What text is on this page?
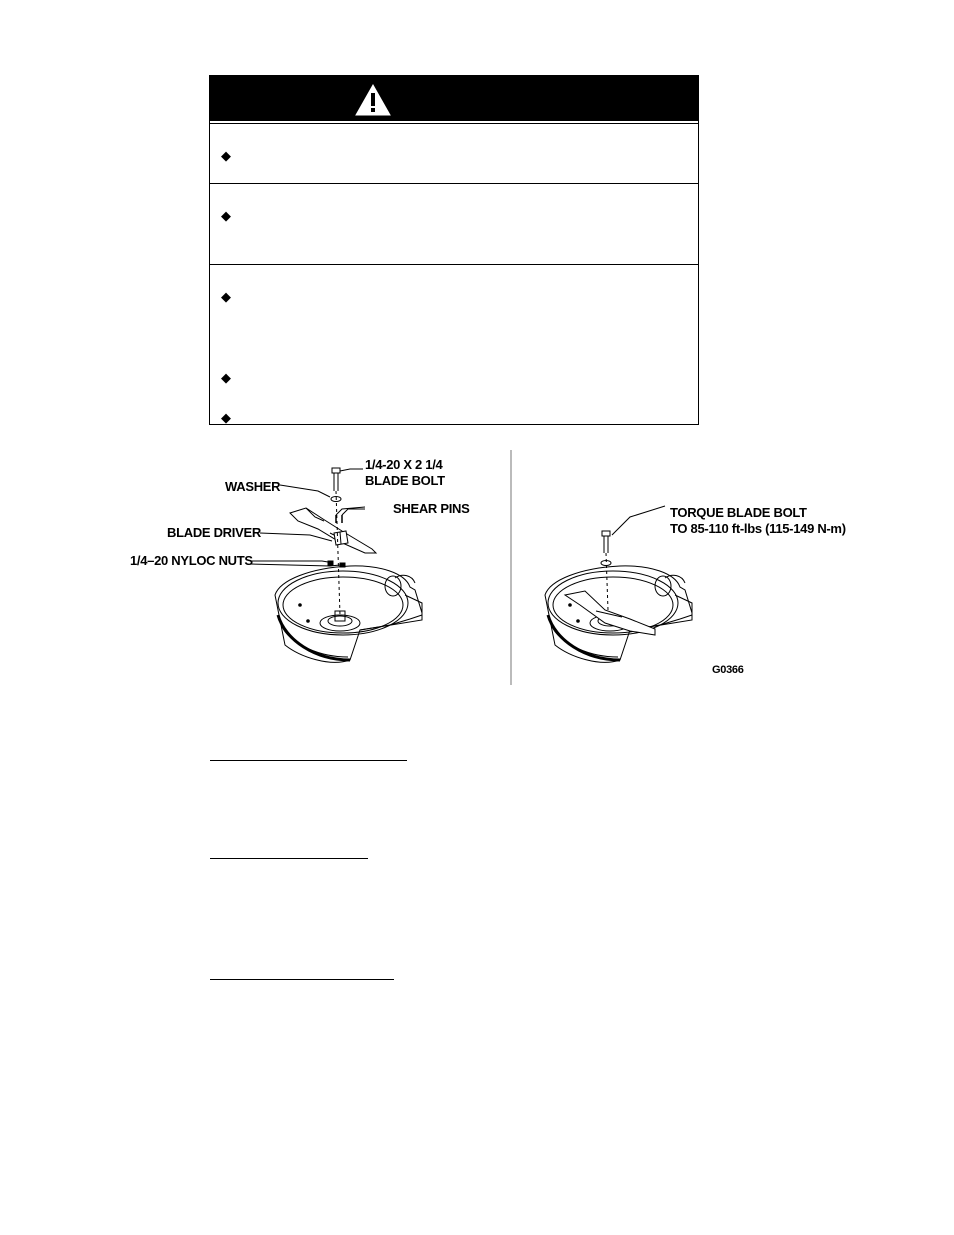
◆
◆
◆
◆
◆
1/4-20 X 2 1/4
BLADE BOLT
WASHER
SHEAR PINS
BLADE DRIVER
1/4–20 NYLOC NUTS
TORQUE BLADE BOLT
TO 85-110 ft-lbs (115-149 N-m)
G0366
